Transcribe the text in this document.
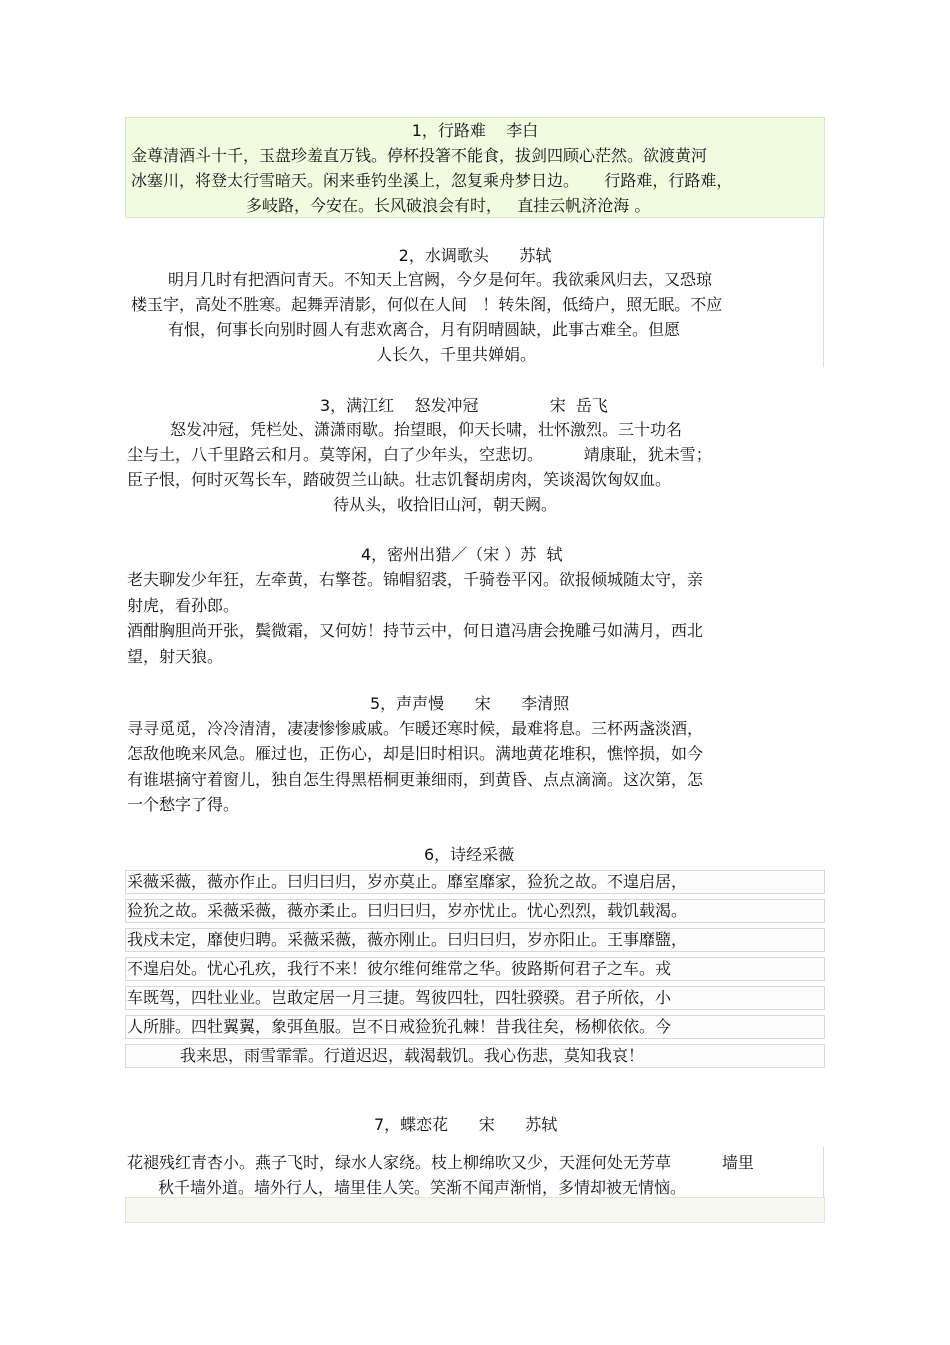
1，行路难    李白
金尊清酒斗十千，玉盘珍羞直万钱。停杯投箸不能食，拔剑四顾心茫然。欲渡黄河
冰塞川，将登太行雪暗天。闲来垂钓坐溪上，忽复乘舟梦日边。     行路难，行路难，
多岐路，今安在。长风破浪会有时，   直挂云帆济沧海 。
2，水调歌头      苏轼
明月几时有把酒问青天。不知天上宫阙，今夕是何年。我欲乘风归去，又恐琼
楼玉宇，高处不胜寒。起舞弄清影，何似在人间   ！转朱阁，低绮户，照无眠。不应
有恨，何事长向别时圆人有悲欢离合，月有阴晴圆缺，此事古难全。但愿
人长久，千里共婵娟。
3，满江红    怒发冲冠              宋  岳飞
怒发冲冠，凭栏处、潇潇雨歇。抬望眼，仰天长啸，壮怀激烈。三十功名
尘与土，八千里路云和月。莫等闲，白了少年头，空悲切。        靖康耻，犹未雪；
臣子恨，何时灭驾长车，踏破贺兰山缺。壮志饥餐胡虏肉，笑谈渴饮匈奴血。
待从头，收拾旧山河，朝天阙。
4，密州出猎／（宋 ）苏  轼
老夫聊发少年狂，左牵黄，右擎苍。锦帽貂裘，千骑卷平冈。欲报倾城随太守，亲
射虎，看孙郎。
酒酣胸胆尚开张，鬓微霜，又何妨！持节云中，何日遣冯唐会挽雕弓如满月，西北
望，射天狼。
5，声声慢      宋      李清照
寻寻觅觅，冷冷清清，凄凄惨惨戚戚。乍暖还寒时候，最难将息。三杯两盏淡酒，
怎敌他晚来风急。雁过也，正伤心，却是旧时相识。满地黄花堆积，憔悴损，如今
有谁堪摘守着窗儿，独自怎生得黑梧桐更兼细雨，到黄昏、点点滴滴。这次第，怎
一个愁字了得。
6，诗经采薇
采薇采薇，薇亦作止。曰归曰归，岁亦莫止。靡室靡家，猃狁之故。不遑启居，
猃狁之故。采薇采薇，薇亦柔止。曰归曰归，岁亦忧止。忧心烈烈，载饥载渴。
我戍未定，靡使归聘。采薇采薇，薇亦刚止。曰归曰归，岁亦阳止。王事靡盬，
不遑启处。忧心孔疚，我行不来！彼尔维何维常之华。彼路斯何君子之车。戎
车既驾，四牡业业。岂敢定居一月三捷。驾彼四牡，四牡骙骙。君子所依，小
人所腓。四牡翼翼，象弭鱼服。岂不日戒猃狁孔棘！昔我往矣，杨柳依依。今
我来思，雨雪霏霏。行道迟迟，载渴载饥。我心伤悲，莫知我哀！
7，蝶恋花      宋      苏轼
花褪残红青杏小。燕子飞时，绿水人家绕。枝上柳绵吹又少，天涯何处无芳草          墙里
秋千墙外道。墙外行人，墙里佳人笑。笑渐不闻声渐悄，多情却被无情恼。
